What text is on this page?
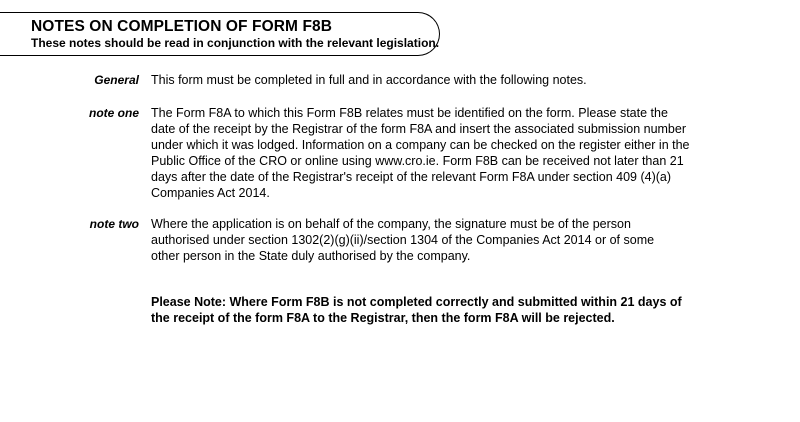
NOTES ON COMPLETION OF FORM F8B
These notes should be read in conjunction with the relevant legislation.
General This form must be completed in full and in accordance with the following notes.
note one The Form F8A to which this Form F8B relates must be identified on the form. Please state the
date of the receipt by the Registrar of the form F8A and insert the associated submission number
under which it was lodged. Information on a company can be checked on the register either in the
Public Office of the CRO or online using www.cro.ie. Form F8B can be received not later than 21
days after the date of the Registrar's receipt of the relevant Form F8A under section 409 (4)(a)
Companies Act 2014.
note two Where the application is on behalf of the company, the signature must be of the person
authorised under section 1302(2)(g)(ii)/section 1304 of the Companies Act 2014 or of some
other person in the State duly authorised by the company.
Please Note: Where Form F8B is not completed correctly and submitted within 21 days of
the receipt of the form F8A to the Registrar, then the form F8A will be rejected.
